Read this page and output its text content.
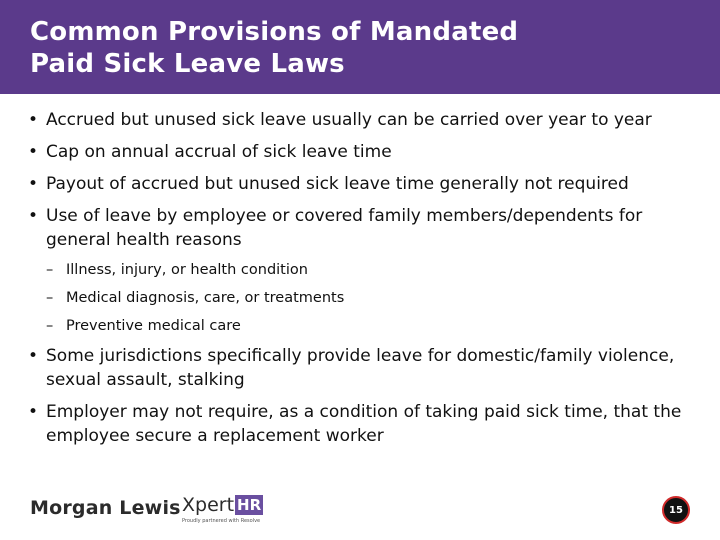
Common Provisions of Mandated
Paid Sick Leave Laws
• Accrued but unused sick leave usually can be carried over year to year
• Cap on annual accrual of sick leave time
• Payout of accrued but unused sick leave time generally not required
• Use of leave by employee or covered family members/dependents for general health reasons
– Illness, injury, or health condition
– Medical diagnosis, care, or treatments
– Preventive medical care
• Some jurisdictions specifically provide leave for domestic/family violence, sexual assault, stalking
• Employer may not require, as a condition of taking paid sick time, that the employee secure a replacement worker
Morgan Lewis Xpert HR
Proudly partnered with Resolve
15
